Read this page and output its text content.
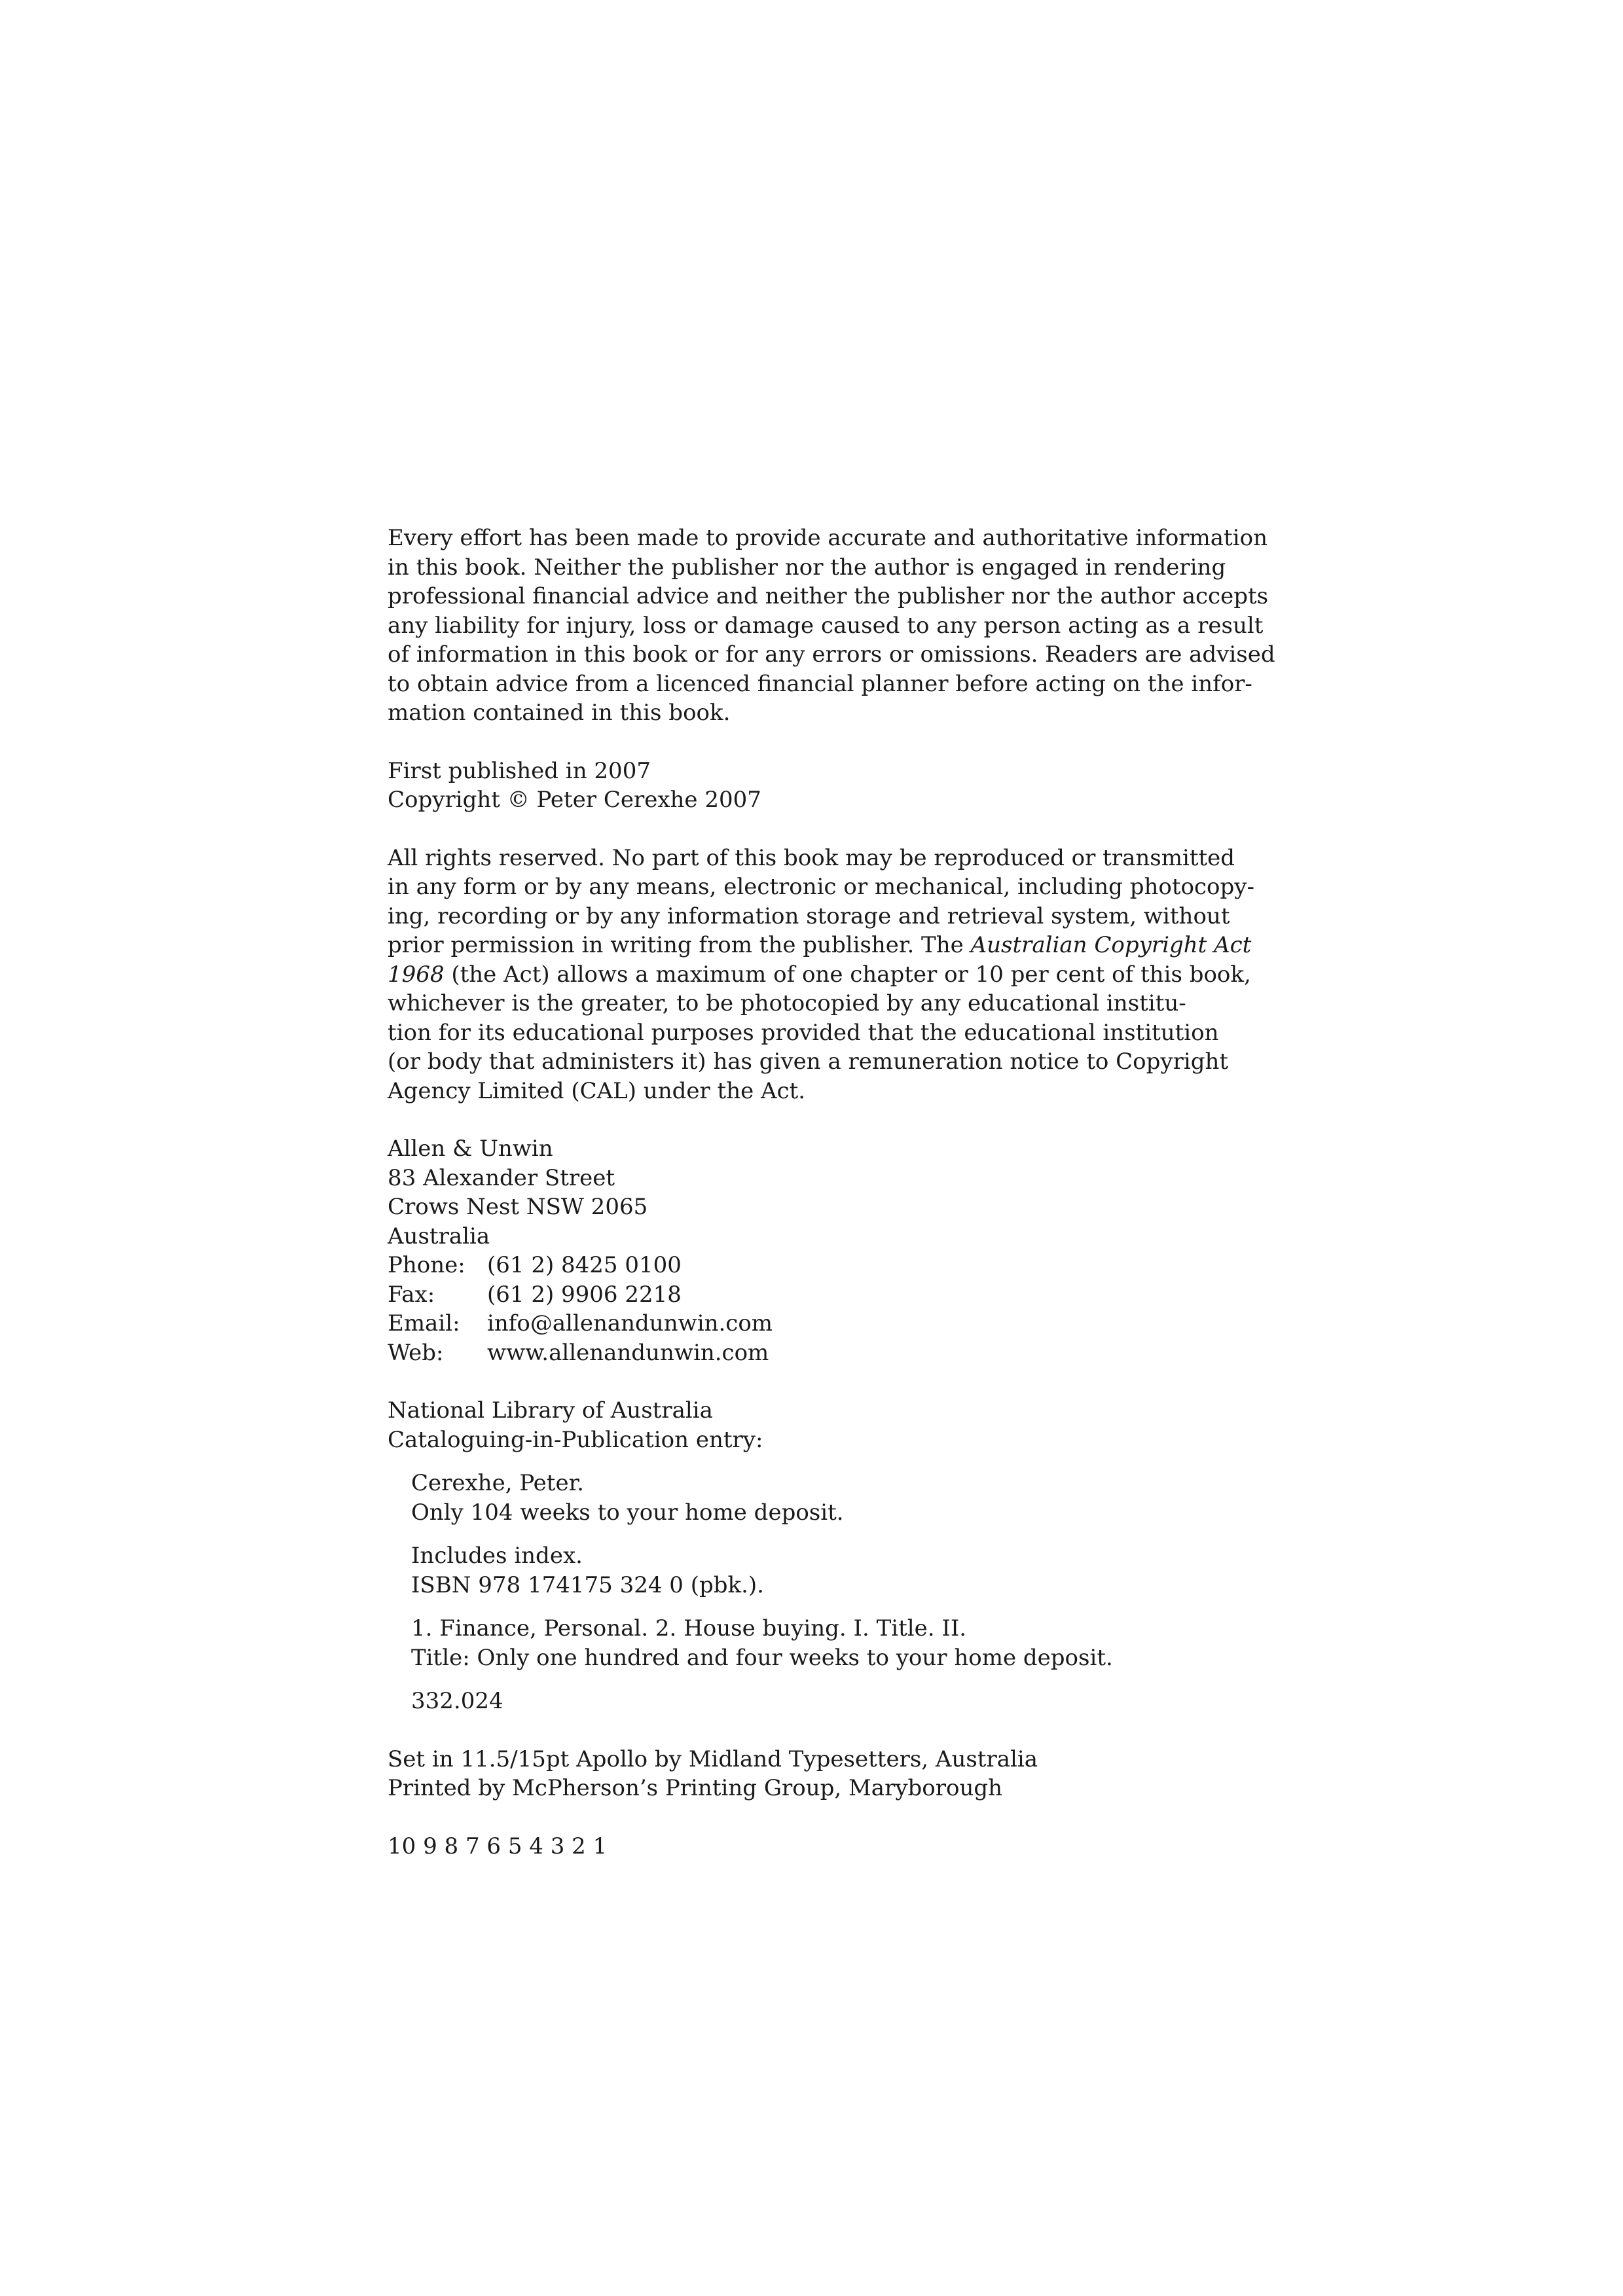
Every effort has been made to provide accurate and authoritative information
in this book. Neither the publisher nor the author is engaged in rendering
professional financial advice and neither the publisher nor the author accepts
any liability for injury, loss or damage caused to any person acting as a result
of information in this book or for any errors or omissions. Readers are advised
to obtain advice from a licenced financial planner before acting on the infor-
mation contained in this book.
First published in 2007
Copyright © Peter Cerexhe 2007
All rights reserved. No part of this book may be reproduced or transmitted
in any form or by any means, electronic or mechanical, including photocopy-
ing, recording or by any information storage and retrieval system, without
prior permission in writing from the publisher. The Australian Copyright Act
1968 (the Act) allows a maximum of one chapter or 10 per cent of this book,
whichever is the greater, to be photocopied by any educational institu-
tion for its educational purposes provided that the educational institution
(or body that administers it) has given a remuneration notice to Copyright
Agency Limited (CAL) under the Act.
Allen & Unwin
83 Alexander Street
Crows Nest NSW 2065
Australia
Phone: (61 2) 8425 0100
Fax: (61 2) 9906 2218
Email: info@allenandunwin.com
Web: www.allenandunwin.com
National Library of Australia
Cataloguing-in-Publication entry:
Cerexhe, Peter.
Only 104 weeks to your home deposit.
Includes index.
ISBN 978 174175 324 0 (pbk.).
1. Finance, Personal. 2. House buying. I. Title. II.
Title: Only one hundred and four weeks to your home deposit.
332.024
Set in 11.5/15pt Apollo by Midland Typesetters, Australia
Printed by McPherson’s Printing Group, Maryborough
10 9 8 7 6 5 4 3 2 1
